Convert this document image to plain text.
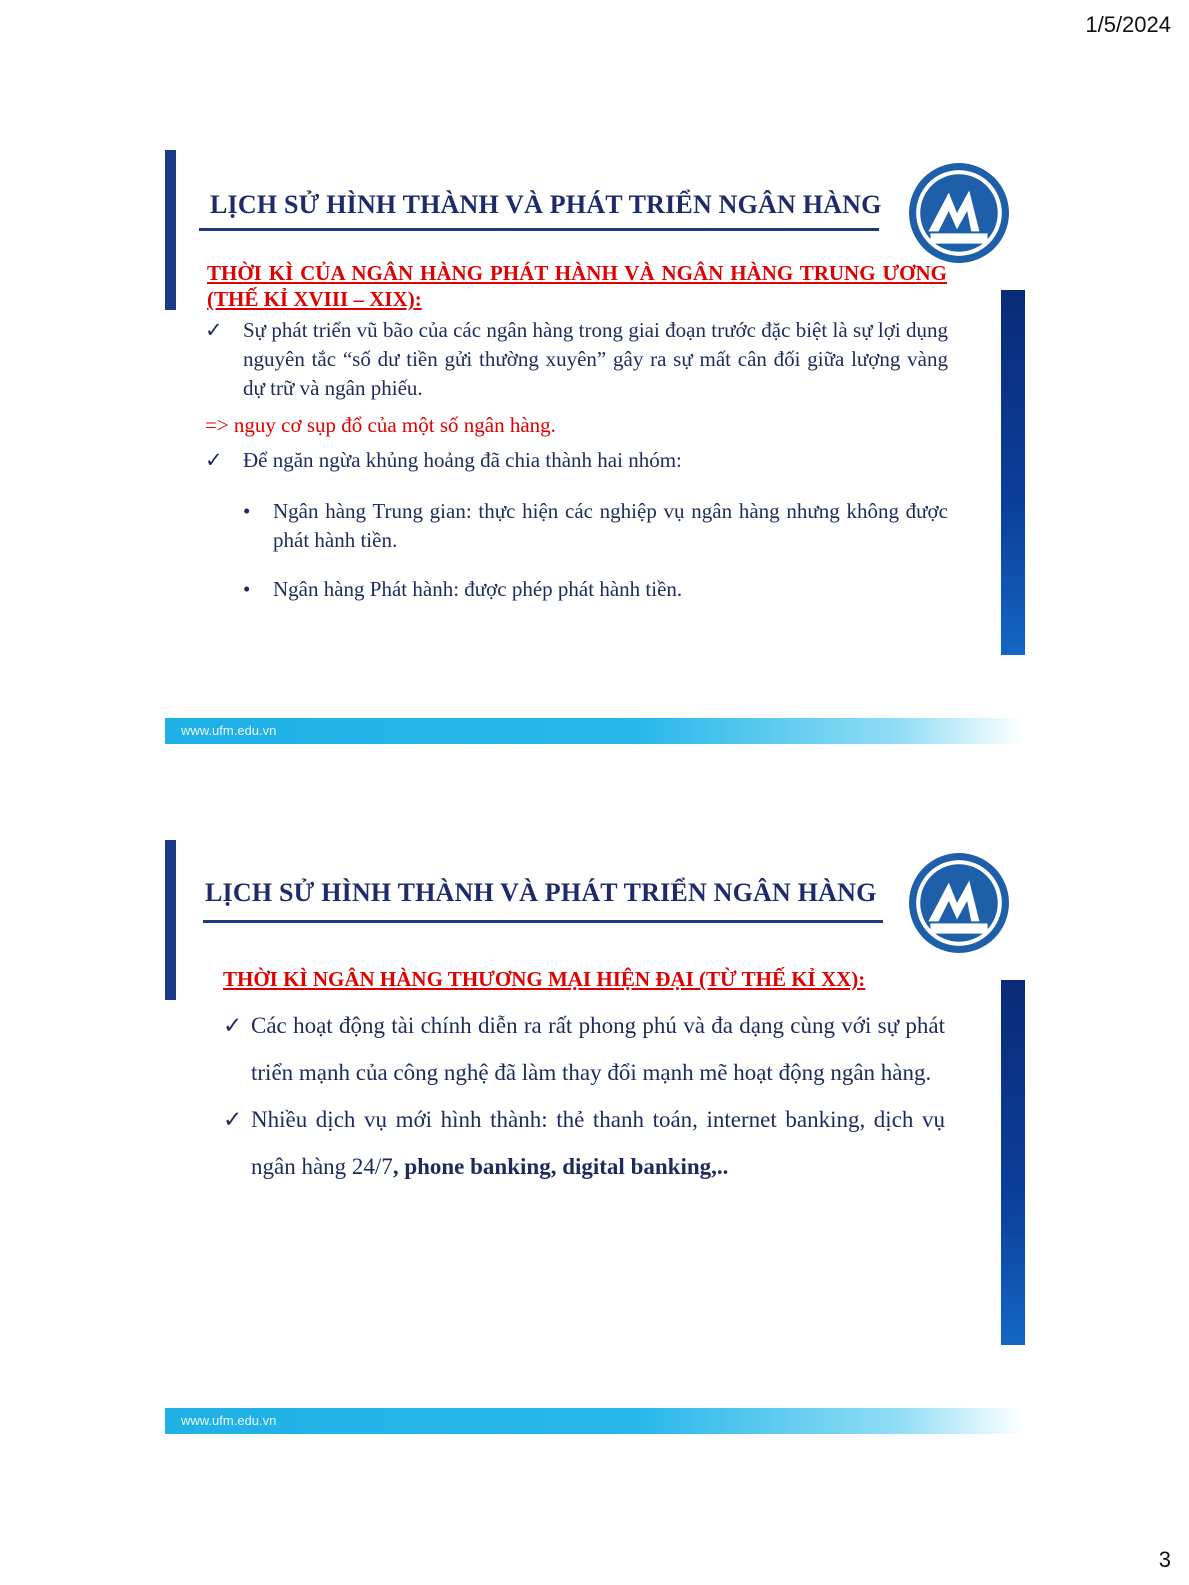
1/5/2024
LỊCH SỬ HÌNH THÀNH VÀ PHÁT TRIỂN NGÂN HÀNG
THỜI KÌ CỦA NGÂN HÀNG PHÁT HÀNH VÀ NGÂN HÀNG TRUNG ƯƠNG (THẾ KỈ XVIII – XIX):
✓ Sự phát triển vũ bão của các ngân hàng trong giai đoạn trước đặc biệt là sự lợi dụng nguyên tắc “số dư tiền gửi thường xuyên” gây ra sự mất cân đối giữa lượng vàng dự trữ và ngân phiếu.
=> nguy cơ sụp đổ của một số ngân hàng.
✓ Để ngăn ngừa khủng hoảng đã chia thành hai nhóm:
• Ngân hàng Trung gian: thực hiện các nghiệp vụ ngân hàng nhưng không được phát hành tiền.
• Ngân hàng Phát hành: được phép phát hành tiền.
www.ufm.edu.vn
LỊCH SỬ HÌNH THÀNH VÀ PHÁT TRIỂN NGÂN HÀNG
THỜI KÌ NGÂN HÀNG THƯƠNG MẠI HIỆN ĐẠI (TỪ THẾ KỈ XX):
✓ Các hoạt động tài chính diễn ra rất phong phú và đa dạng cùng với sự phát triển mạnh của công nghệ đã làm thay đổi mạnh mẽ hoạt động ngân hàng.
✓ Nhiều dịch vụ mới hình thành: thẻ thanh toán, internet banking, dịch vụ ngân hàng 24/7, phone banking, digital banking,..
www.ufm.edu.vn
3
